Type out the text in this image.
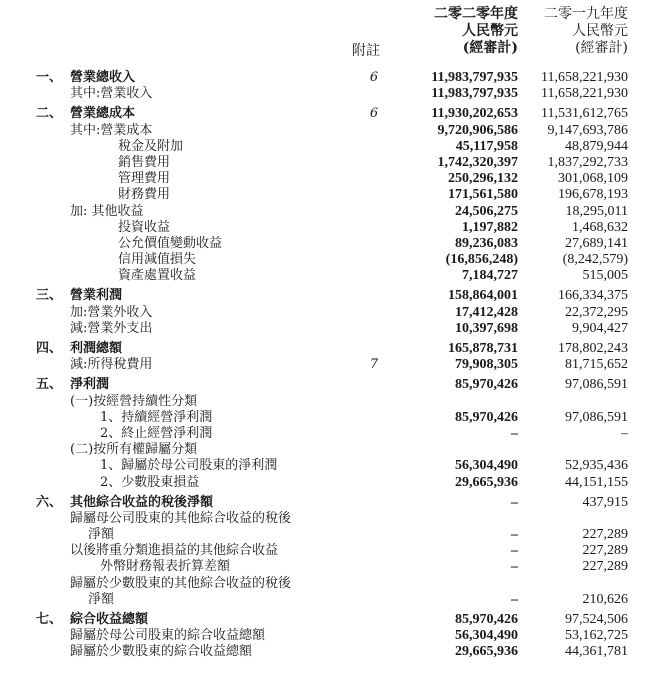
二零二零年度
人民幣元
(經審計)
二零一九年度
人民幣元
(經審計)
附註
一、 營業總收入	6	11,983,797,935 11,658,221,930
其中:營業收入	11,983,797,935 11,658,221,930
二、 營業總成本	6	11,930,202,653 11,531,612,765
其中:營業成本	9,720,906,586 9,147,693,786
稅金及附加	45,117,958	48,879,944
銷售費用	1,742,320,397 1,837,292,733
管理費用	250,296,132	301,068,109
財務費用	171,561,580	196,678,193
加: 其他收益	24,506,275	18,295,011
投資收益	1,197,882	1,468,632
公允價值變動收益	89,236,083	27,689,141
信用減值損失	(16,856,248)	(8,242,579)
資產處置收益	7,184,727	515,005
三、 營業利潤	158,864,001	166,334,375
加:營業外收入	17,412,428	22,372,295
減:營業外支出	10,397,698	9,904,427
四、 利潤總額	165,878,731	178,802,243
減:所得稅費用	7	79,908,305	81,715,652
五、 淨利潤	85,970,426	97,086,591
(一)按經營持續性分類
1、持續經營淨利潤	85,970,426	97,086,591
2、終止經營淨利潤	–	–
(二)按所有權歸屬分類
1、歸屬於母公司股東的淨利潤	56,304,490	52,935,436
2、少數股東損益	29,665,936	44,151,155
六、 其他綜合收益的稅後淨額	–	437,915
歸屬母公司股東的其他綜合收益的稅後
淨額	–	227,289
以後將重分類進損益的其他綜合收益	–	227,289
外幣財務報表折算差額	–	227,289
歸屬於少數股東的其他綜合收益的稅後
淨額	–	210,626
七、 綜合收益總額	85,970,426	97,524,506
歸屬於母公司股東的綜合收益總額	56,304,490	53,162,725
歸屬於少數股東的綜合收益總額	29,665,936	44,361,781
